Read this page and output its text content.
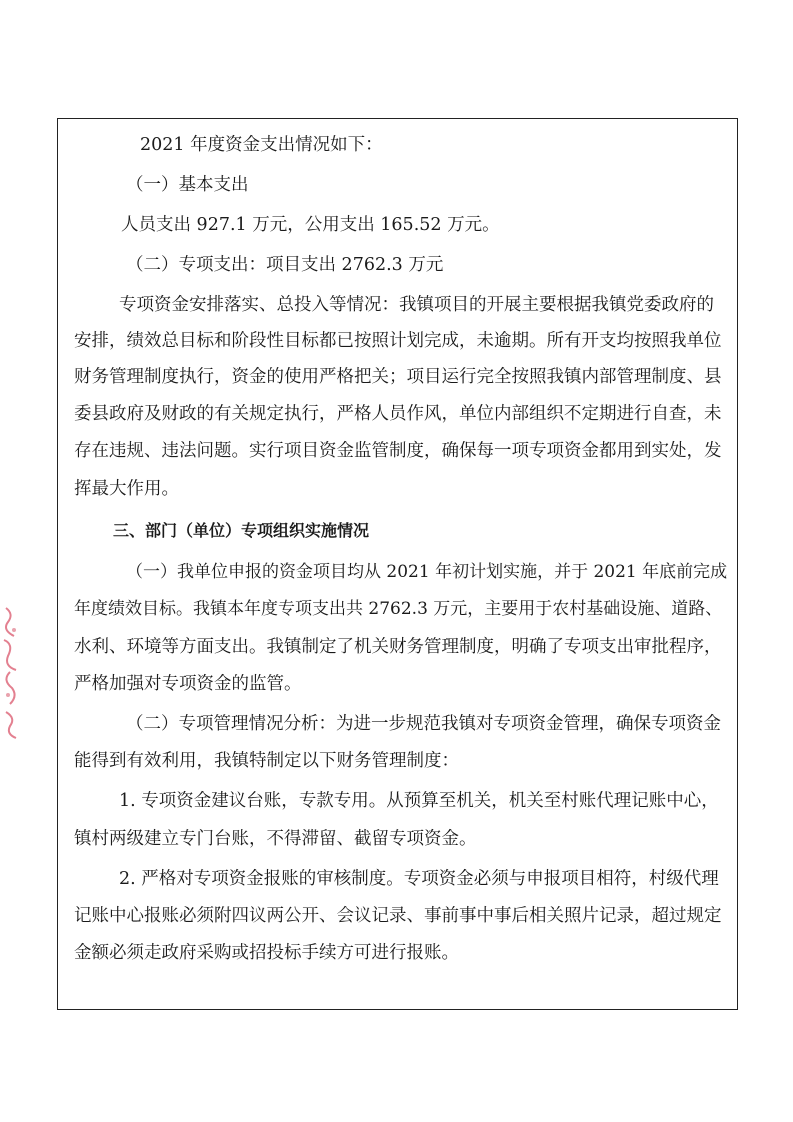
2021 年度资金支出情况如下：
（一）基本支出
人员支出 927.1 万元，公用支出 165.52 万元。
（二）专项支出：项目支出 2762.3 万元
专项资金安排落实、总投入等情况：我镇项目的开展主要根据我镇党委政府的
安排，绩效总目标和阶段性目标都已按照计划完成，未逾期。所有开支均按照我单位
财务管理制度执行，资金的使用严格把关；项目运行完全按照我镇内部管理制度、县
委县政府及财政的有关规定执行，严格人员作风，单位内部组织不定期进行自查，未
存在违规、违法问题。实行项目资金监管制度，确保每一项专项资金都用到实处，发
挥最大作用。
三、部门（单位）专项组织实施情况
（一）我单位申报的资金项目均从 2021 年初计划实施，并于 2021 年底前完成
年度绩效目标。我镇本年度专项支出共 2762.3 万元，主要用于农村基础设施、道路、
水利、环境等方面支出。我镇制定了机关财务管理制度，明确了专项支出审批程序，
严格加强对专项资金的监管。
（二）专项管理情况分析：为进一步规范我镇对专项资金管理，确保专项资金
能得到有效利用，我镇特制定以下财务管理制度：
1. 专项资金建议台账，专款专用。从预算至机关，机关至村账代理记账中心，
镇村两级建立专门台账，不得滞留、截留专项资金。
2. 严格对专项资金报账的审核制度。专项资金必须与申报项目相符，村级代理
记账中心报账必须附四议两公开、会议记录、事前事中事后相关照片记录，超过规定
金额必须走政府采购或招投标手续方可进行报账。
